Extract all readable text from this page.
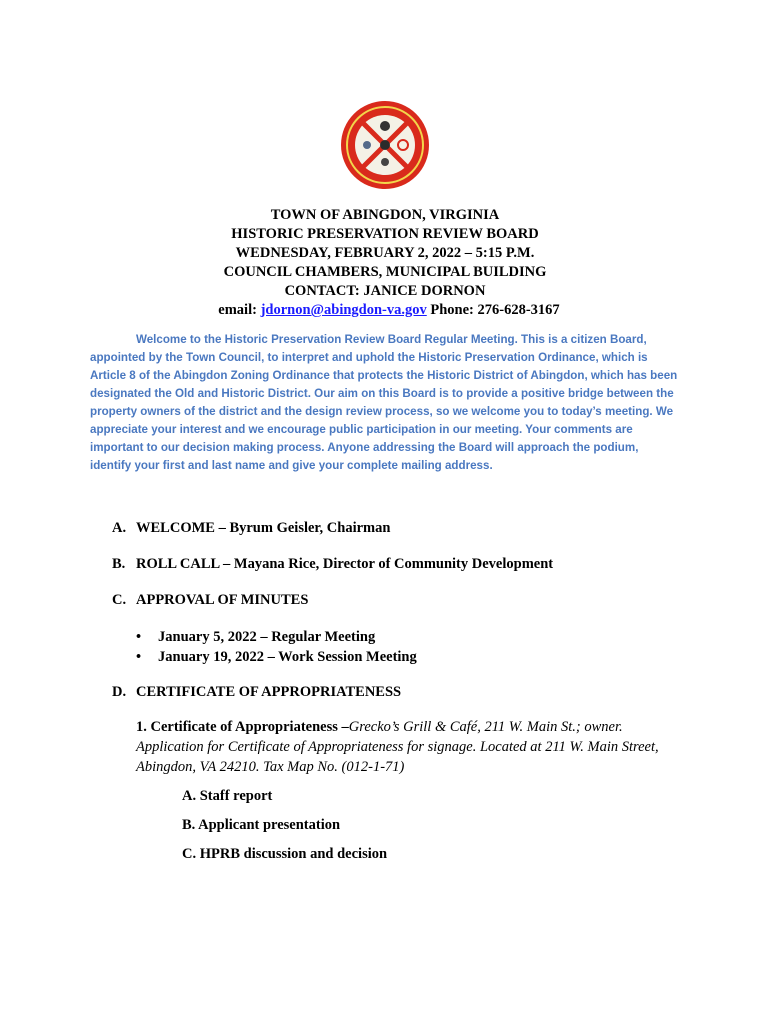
TOWN OF ABINGDON, VIRGINIA
HISTORIC PRESERVATION REVIEW BOARD
WEDNESDAY, FEBRUARY 2, 2022 – 5:15 P.M.
COUNCIL CHAMBERS, MUNICIPAL BUILDING
CONTACT: JANICE DORNON
email: jdornon@abingdon-va.gov Phone: 276-628-3167
Welcome to the Historic Preservation Review Board Regular Meeting. This is a citizen Board, appointed by the Town Council, to interpret and uphold the Historic Preservation Ordinance, which is Article 8 of the Abingdon Zoning Ordinance that protects the Historic District of Abingdon, which has been designated the Old and Historic District. Our aim on this Board is to provide a positive bridge between the property owners of the district and the design review process, so we welcome you to today’s meeting. We appreciate your interest and we encourage public participation in our meeting. Your comments are important to our decision making process. Anyone addressing the Board will approach the podium, identify your first and last name and give your complete mailing address.
A. WELCOME – Byrum Geisler, Chairman
B. ROLL CALL – Mayana Rice, Director of Community Development
C. APPROVAL OF MINUTES
• January 5, 2022 – Regular Meeting
• January 19, 2022 – Work Session Meeting
D. CERTIFICATE OF APPROPRIATENESS
1. Certificate of Appropriateness –Grecko’s Grill & Café, 211 W. Main St.; owner. Application for Certificate of Appropriateness for signage. Located at 211 W. Main Street, Abingdon, VA 24210. Tax Map No. (012-1-71)
A. Staff report
B. Applicant presentation
C. HPRB discussion and decision
